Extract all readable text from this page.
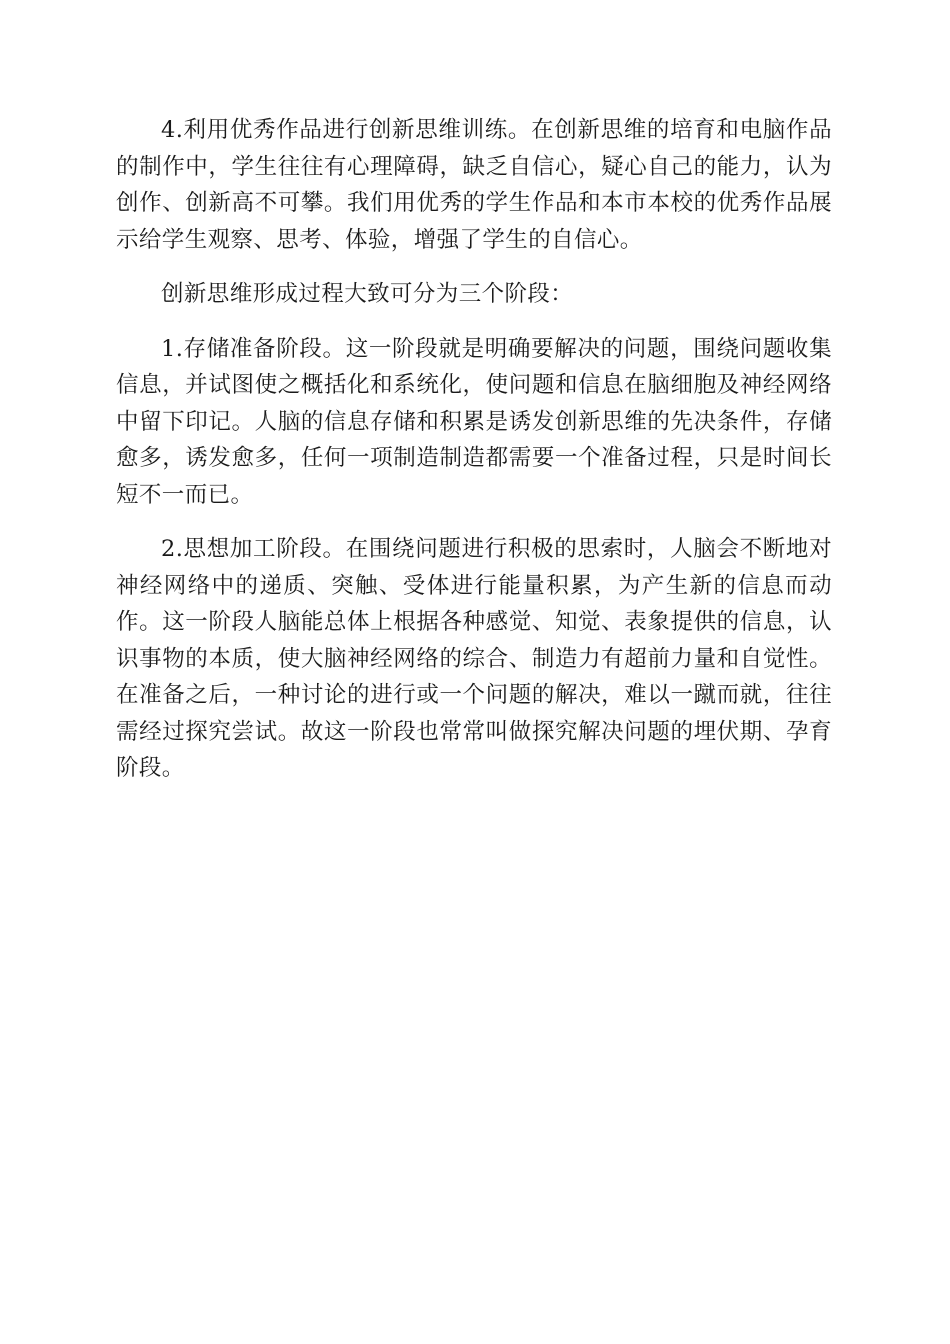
4.利用优秀作品进行创新思维训练。在创新思维的培育和电脑作品的制作中，学生往往有心理障碍，缺乏自信心，疑心自己的能力，认为创作、创新高不可攀。我们用优秀的学生作品和本市本校的优秀作品展示给学生观察、思考、体验，增强了学生的自信心。

创新思维形成过程大致可分为三个阶段：

1.存储准备阶段。这一阶段就是明确要解决的问题，围绕问题收集信息，并试图使之概括化和系统化，使问题和信息在脑细胞及神经网络中留下印记。人脑的信息存储和积累是诱发创新思维的先决条件，存储愈多，诱发愈多，任何一项制造制造都需要一个准备过程，只是时间长短不一而已。

2.思想加工阶段。在围绕问题进行积极的思索时，人脑会不断地对神经网络中的递质、突触、受体进行能量积累，为产生新的信息而动作。这一阶段人脑能总体上根据各种感觉、知觉、表象提供的信息，认识事物的本质，使大脑神经网络的综合、制造力有超前力量和自觉性。在准备之后，一种讨论的进行或一个问题的解决，难以一蹴而就，往往需经过探究尝试。故这一阶段也常常叫做探究解决问题的埋伏期、孕育阶段。
